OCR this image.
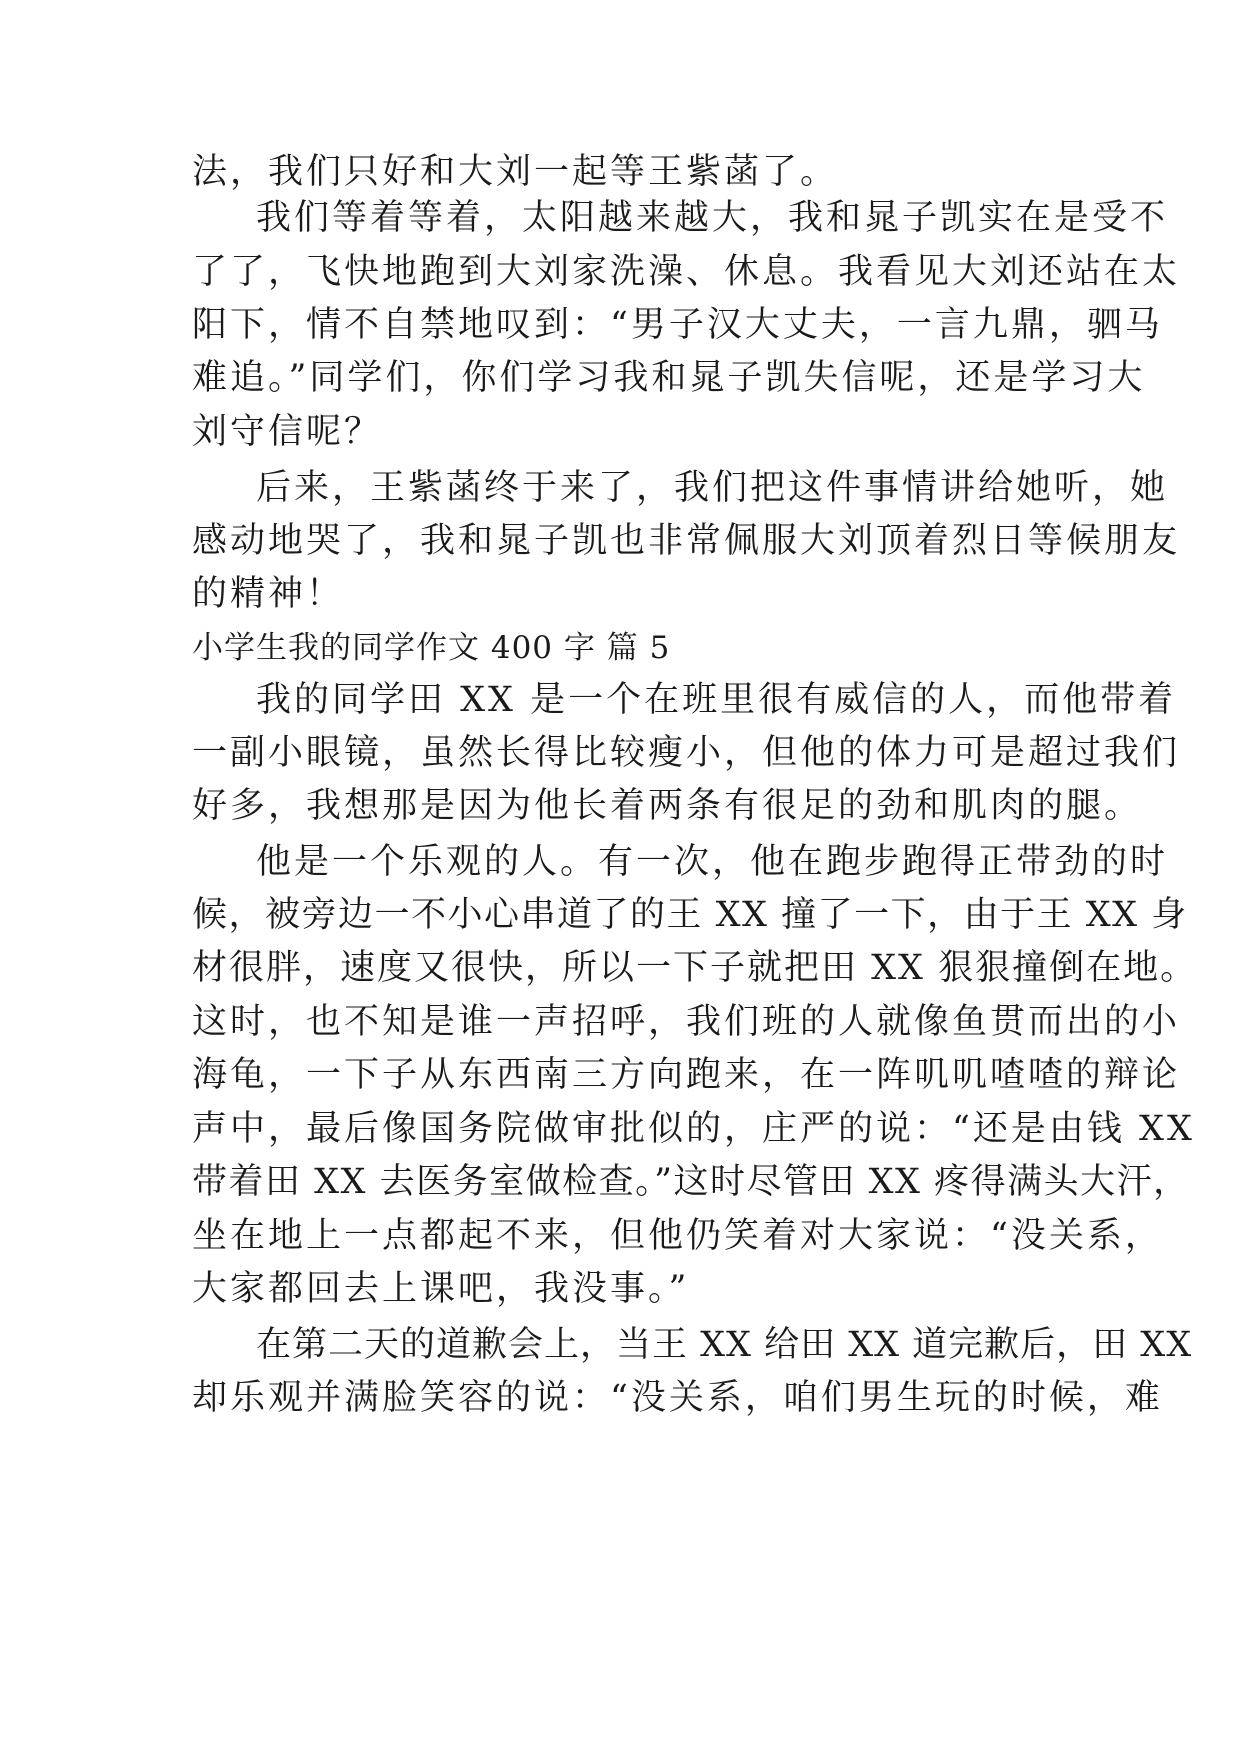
法，我们只好和大刘一起等王紫菡了。
我们等着等着，太阳越来越大，我和晁子凯实在是受不
了了，飞快地跑到大刘家洗澡、休息。我看见大刘还站在太
阳下，情不自禁地叹到：“男子汉大丈夫，一言九鼎，驷马
难追。”同学们，你们学习我和晁子凯失信呢，还是学习大
刘守信呢？
后来，王紫菡终于来了，我们把这件事情讲给她听，她
感动地哭了，我和晁子凯也非常佩服大刘顶着烈日等候朋友
的精神！
小学生我的同学作文 400 字 篇 5
我的同学田 XX 是一个在班里很有威信的人，而他带着
一副小眼镜，虽然长得比较瘦小，但他的体力可是超过我们
好多，我想那是因为他长着两条有很足的劲和肌肉的腿。
他是一个乐观的人。有一次，他在跑步跑得正带劲的时
候，被旁边一不小心串道了的王 XX 撞了一下，由于王 XX 身
材很胖，速度又很快，所以一下子就把田 XX 狠狠撞倒在地。
这时，也不知是谁一声招呼，我们班的人就像鱼贯而出的小
海龟，一下子从东西南三方向跑来，在一阵叽叽喳喳的辩论
声中，最后像国务院做审批似的，庄严的说：“还是由钱 XX
带着田 XX 去医务室做检查。”这时尽管田 XX 疼得满头大汗，
坐在地上一点都起不来，但他仍笑着对大家说：“没关系，
大家都回去上课吧，我没事。”
在第二天的道歉会上，当王 XX 给田 XX 道完歉后，田 XX
却乐观并满脸笑容的说：“没关系，咱们男生玩的时候，难
